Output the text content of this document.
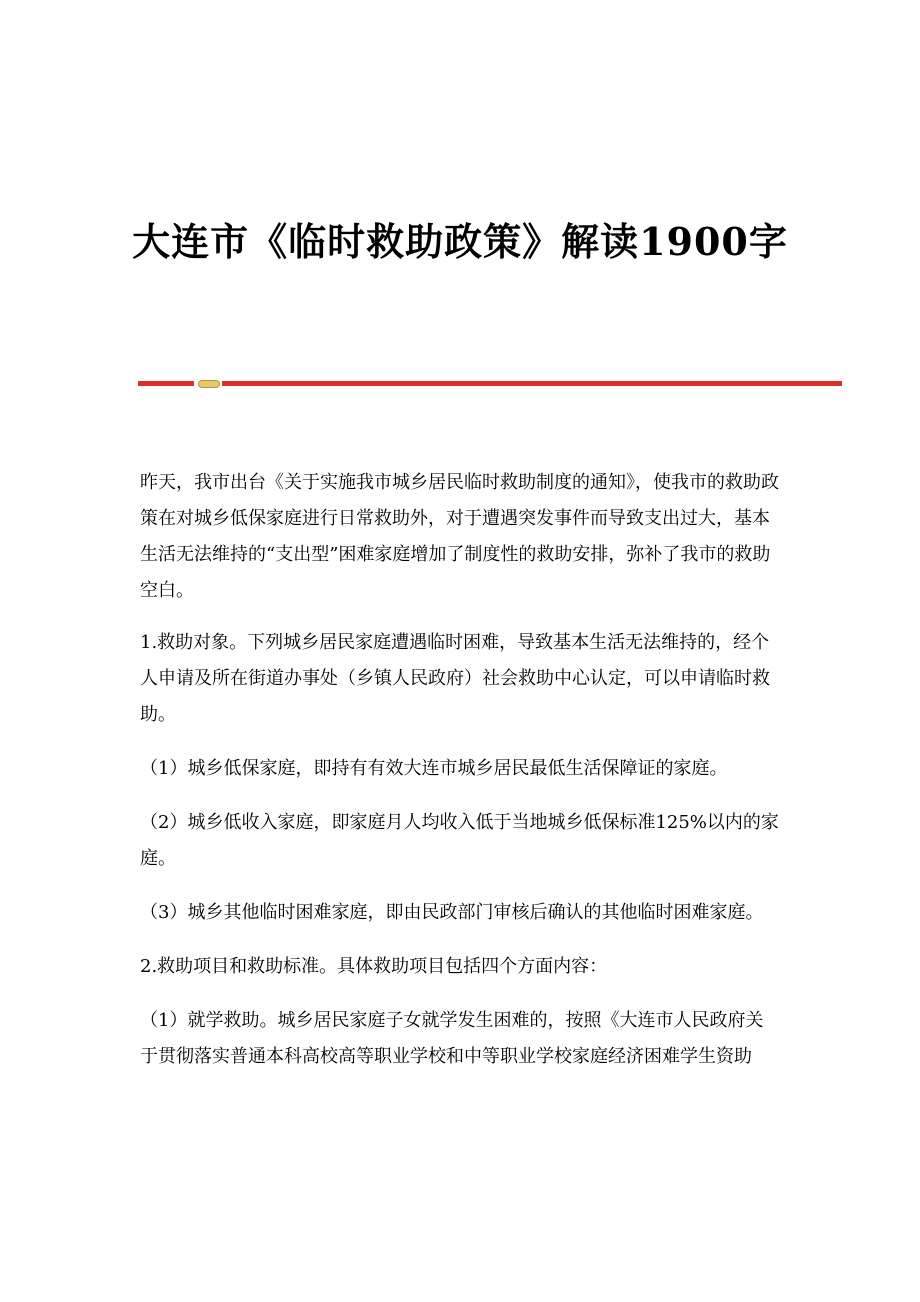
大连市《临时救助政策》解读1900字

昨天，我市出台《关于实施我市城乡居民临时救助制度的通知》，使我市的救助政策在对城乡低保家庭进行日常救助外，对于遭遇突发事件而导致支出过大，基本生活无法维持的“支出型”困难家庭增加了制度性的救助安排，弥补了我市的救助空白。

1.救助对象。下列城乡居民家庭遭遇临时困难，导致基本生活无法维持的，经个人申请及所在街道办事处（乡镇人民政府）社会救助中心认定，可以申请临时救助。

（1）城乡低保家庭，即持有有效大连市城乡居民最低生活保障证的家庭。

（2）城乡低收入家庭，即家庭月人均收入低于当地城乡低保标准125%以内的家庭。

（3）城乡其他临时困难家庭，即由民政部门审核后确认的其他临时困难家庭。

2.救助项目和救助标准。具体救助项目包括四个方面内容：

（1）就学救助。城乡居民家庭子女就学发生困难的，按照《大连市人民政府关于贯彻落实普通本科高校高等职业学校和中等职业学校家庭经济困难学生资助
